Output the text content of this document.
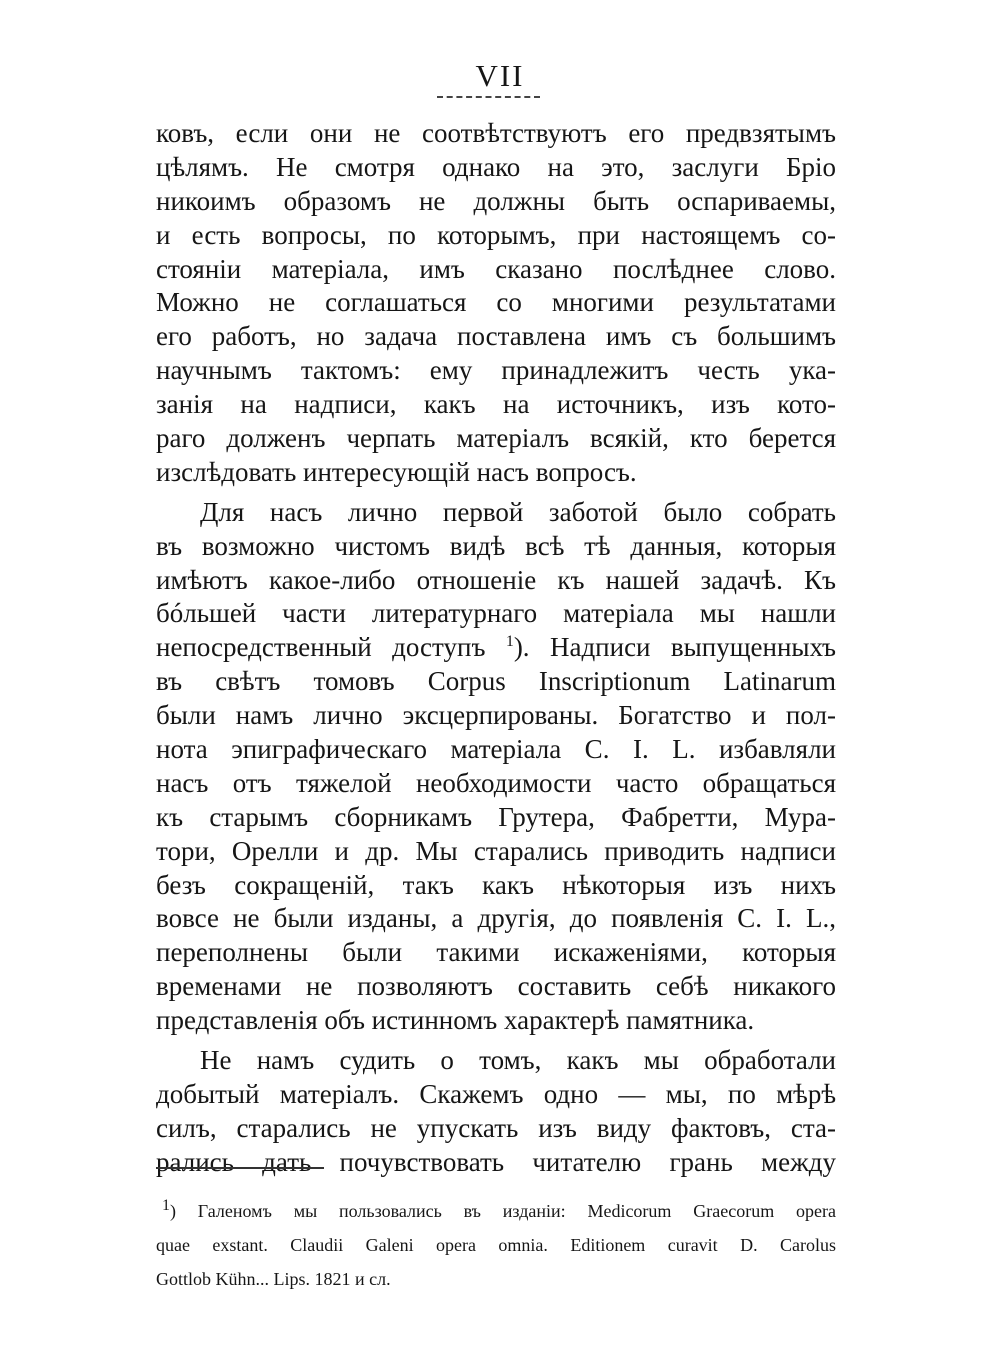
VII
ковъ, если они не соотвѣтствуютъ его предвзятымъ
цѣлямъ. Не смотря однако на это, заслуги Бріо
никоимъ образомъ не должны быть оспариваемы,
и есть вопросы, по которымъ, при настоящемъ со-
стояніи матеріала, имъ сказано послѣднее слово.
Можно не соглашаться со многими результатами
его работъ, но задача поставлена имъ съ большимъ
научнымъ тактомъ: ему принадлежитъ честь ука-
занія на надписи, какъ на источникъ, изъ кото-
раго долженъ черпать матеріалъ всякій, кто берется
изслѣдовать интересующій насъ вопросъ.
Для насъ лично первой заботой было собрать
въ возможно чистомъ видѣ всѣ тѣ данныя, которыя
имѣютъ какое-либо отношеніе къ нашей задачѣ. Къ
бóльшей части литературнаго матеріала мы нашли
непосредственный доступъ $^1$). Надписи выпущенныхъ
въ свѣтъ томовъ Corpus Inscriptionum Latinarum
были намъ лично эксцерпированы. Богатство и пол-
нота эпиграфическаго матеріала C. I. L. избавляли
насъ отъ тяжелой необходимости часто обращаться
къ старымъ сборникамъ Грутера, Фабретти, Мура-
тори, Орелли и др. Мы старались приводить надписи
безъ сокращеній, такъ какъ нѣкоторыя изъ нихъ
вовсе не были изданы, а другія, до появленія C. I. L.,
переполнены были такими искаженіями, которыя
временами не позволяютъ составить себѣ никакого
представленія объ истинномъ характерѣ памятника.
Не намъ судить о томъ, какъ мы обработали
добытый матеріалъ. Скажемъ одно — мы, по мѣрѣ
силъ, старались не упускать изъ виду фактовъ, ста-
рались дать почувствовать читателю грань между
$^1$) Галеномъ мы пользовались въ изданіи: Medicorum Graecorum opera
quae exstant. Claudii Galeni opera omnia. Editionem curavit D. Carolus
Gottlob Kühn... Lips. 1821 и сл.
